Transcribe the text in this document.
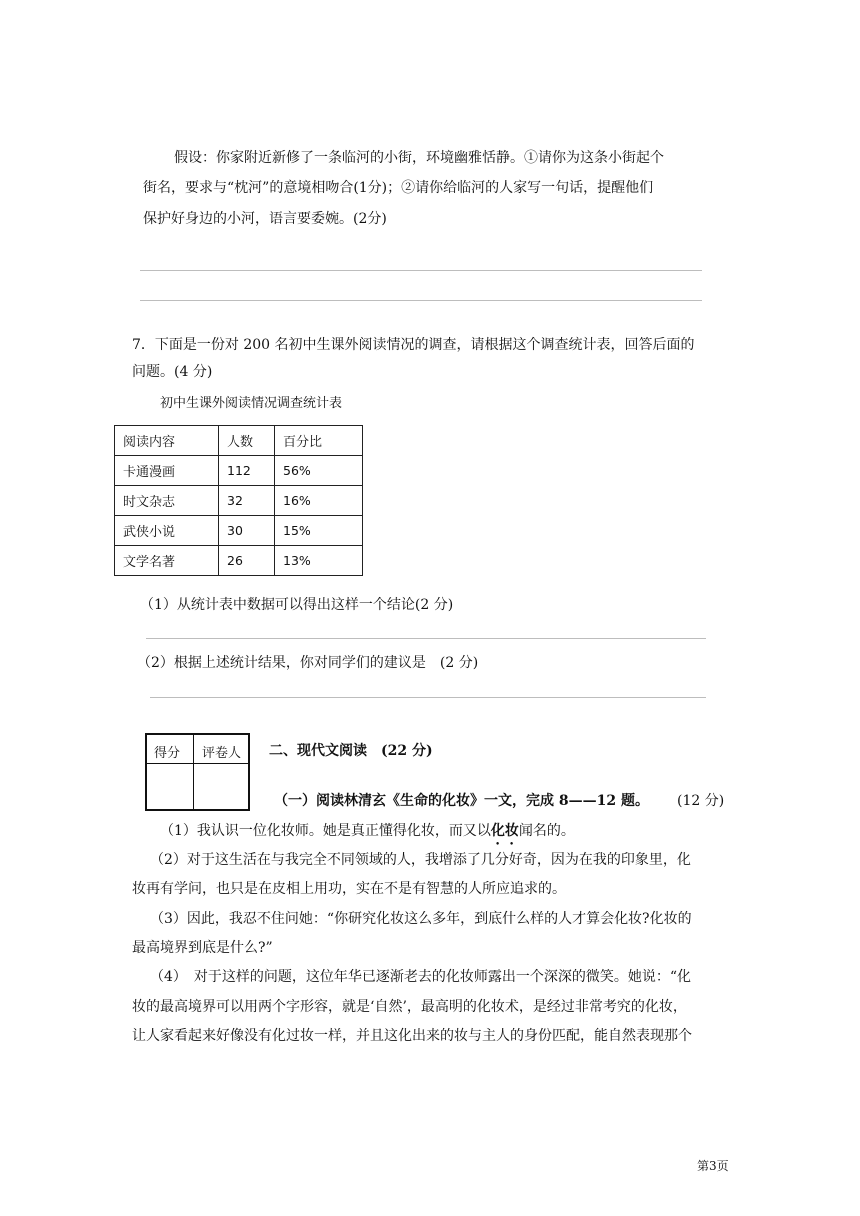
假设：你家附近新修了一条临河的小街，环境幽雅恬静。①请你为这条小街起个
街名，要求与“枕河”的意境相吻合(1分)；②请你给临河的人家写一句话，提醒他们
保护好身边的小河，语言要委婉。(2分)
7．下面是一份对 200 名初中生课外阅读情况的调查，请根据这个调查统计表，回答后面的
问题。(4 分)
初中生课外阅读情况调查统计表
阅读内容	人数	百分比
卡通漫画	112	56%
时文杂志	32	16%
武侠小说	30	15%
文学名著	26	13%
（1）从统计表中数据可以得出这样一个结论(2 分)
（2）根据上述统计结果，你对同学们的建议是　(2 分)
得分 评卷人 二、现代文阅读　(22 分)
（一）阅读林清玄《生命的化妆》一文，完成 8——12 题。 (12 分)
（1）我认识一位化妆师。她是真正懂得化妆，而又以化妆闻名的。
（2）对于这生活在与我完全不同领域的人，我增添了几分好奇，因为在我的印象里，化
妆再有学问，也只是在皮相上用功，实在不是有智慧的人所应追求的。
（3）因此，我忍不住问她：“你研究化妆这么多年，到底什么样的人才算会化妆?化妆的
最高境界到底是什么?”
（4）　对于这样的问题，这位年华已逐渐老去的化妆师露出一个深深的微笑。她说：“化
妆的最高境界可以用两个字形容，就是‘自然’，最高明的化妆术，是经过非常考究的化妆，
让人家看起来好像没有化过妆一样，并且这化出来的妆与主人的身份匹配，能自然表现那个
第3页
